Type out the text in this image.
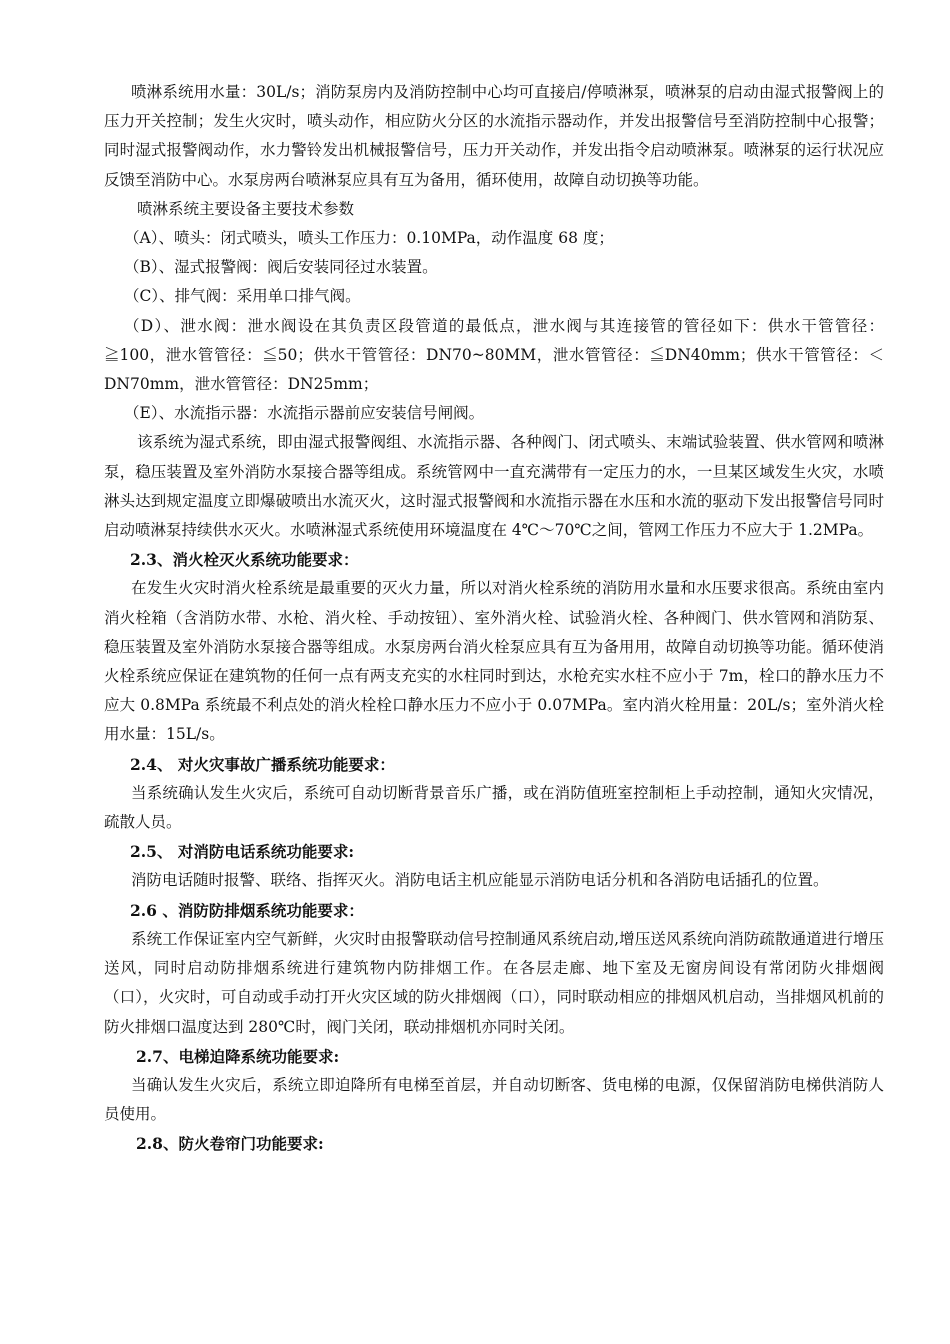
喷淋系统用水量：30L/s；消防泵房内及消防控制中心均可直接启/停喷淋泵，喷淋泵的启动由湿式报警阀上的压力开关控制；发生火灾时，喷头动作，相应防火分区的水流指示器动作，并发出报警信号至消防控制中心报警；同时湿式报警阀动作，水力警铃发出机械报警信号，压力开关动作，并发出指令启动喷淋泵。喷淋泵的运行状况应反馈至消防中心。水泵房两台喷淋泵应具有互为备用，循环使用，故障自动切换等功能。

喷淋系统主要设备主要技术参数

（A）、喷头：闭式喷头，喷头工作压力：0.10MPa，动作温度 68 度；

（B）、湿式报警阀：阀后安装同径过水装置。

（C）、排气阀：采用单口排气阀。

（D）、泄水阀：泄水阀设在其负责区段管道的最低点，泄水阀与其连接管的管径如下：供水干管管径：≧100，泄水管管径：≦50；供水干管管径：DN70~80MM，泄水管管径：≦DN40mm；供水干管管径：＜DN70mm，泄水管管径：DN25mm；

（E）、水流指示器：水流指示器前应安装信号闸阀。

该系统为湿式系统，即由湿式报警阀组、水流指示器、各种阀门、闭式喷头、末端试验装置、供水管网和喷淋泵，稳压装置及室外消防水泵接合器等组成。系统管网中一直充满带有一定压力的水，一旦某区域发生火灾，水喷淋头达到规定温度立即爆破喷出水流灭火，这时湿式报警阀和水流指示器在水压和水流的驱动下发出报警信号同时启动喷淋泵持续供水灭火。水喷淋湿式系统使用环境温度在 4℃～70℃之间，管网工作压力不应大于 1.2MPa。

2.3、消火栓灭火系统功能要求：

在发生火灾时消火栓系统是最重要的灭火力量，所以对消火栓系统的消防用水量和水压要求很高。系统由室内消火栓箱（含消防水带、水枪、消火栓、手动按钮）、室外消火栓、试验消火栓、各种阀门、供水管网和消防泵、稳压装置及室外消防水泵接合器等组成。水泵房两台消火栓泵应具有互为备用用，故障自动切换等功能。循环使消火栓系统应保证在建筑物的任何一点有两支充实的水柱同时到达，水枪充实水柱不应小于 7m，栓口的静水压力不应大 0.8MPa 系统最不利点处的消火栓栓口静水压力不应小于 0.07MPa。室内消火栓用量：20L/s；室外消火栓用水量：15L/s。

2.4、 对火灾事故广播系统功能要求：

当系统确认发生火灾后，系统可自动切断背景音乐广播，或在消防值班室控制柜上手动控制，通知火灾情况，疏散人员。

2.5、 对消防电话系统功能要求:

消防电话随时报警、联络、指挥灭火。消防电话主机应能显示消防电话分机和各消防电话插孔的位置。

2.6 、消防防排烟系统功能要求：

系统工作保证室内空气新鲜，火灾时由报警联动信号控制通风系统启动,增压送风系统向消防疏散通道进行增压送风，同时启动防排烟系统进行建筑物内防排烟工作。在各层走廊、地下室及无窗房间设有常闭防火排烟阀（口），火灾时，可自动或手动打开火灾区域的防火排烟阀（口），同时联动相应的排烟风机启动，当排烟风机前的防火排烟口温度达到 280℃时，阀门关闭，联动排烟机亦同时关闭。

2.7、电梯迫降系统功能要求:

当确认发生火灾后，系统立即迫降所有电梯至首层，并自动切断客、货电梯的电源，仅保留消防电梯供消防人员使用。

2.8、防火卷帘门功能要求:
